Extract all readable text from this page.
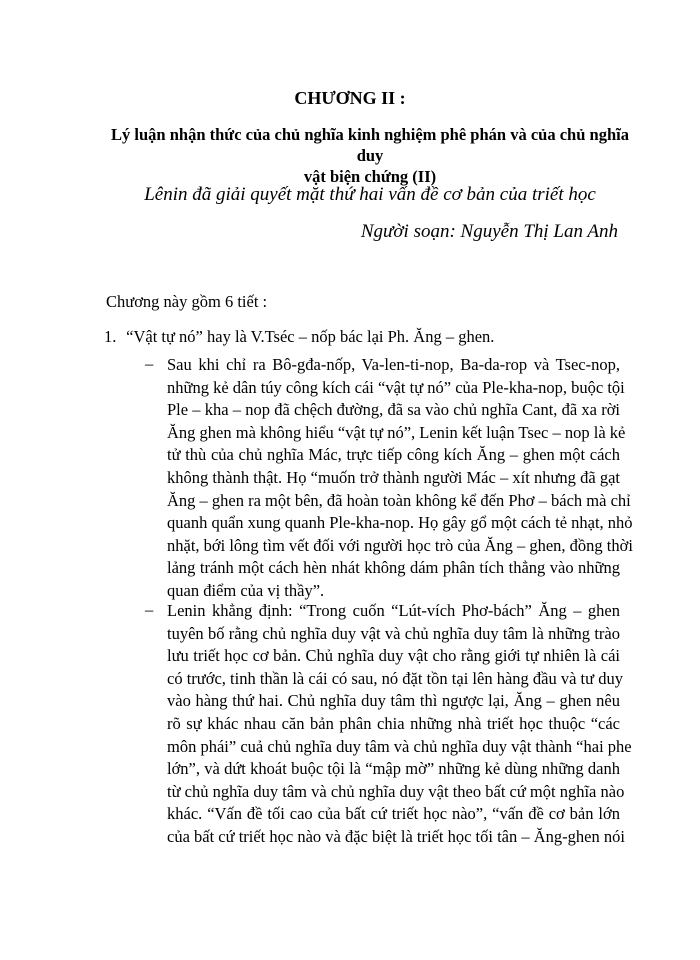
CHƯƠNG II :
Lý luận nhận thức của chủ nghĩa kinh nghiệm phê phán và của chủ nghĩa duy
vật biện chứng (II)
Lênin đã giải quyết mặt thứ hai vấn đề cơ bản của triết học
Người soạn: Nguyễn Thị Lan Anh
Chương này gồm 6 tiết :
1. “Vật tự nó” hay là V.Tséc – nốp bác lại Ph. Ăng – ghen.
– Sau khi chỉ ra Bô-gđa-nốp, Va-len-ti-nop, Ba-da-rop và Tsec-nop,
những kẻ dân túy công kích cái “vật tự nó” của Ple-kha-nop, buộc tội
Ple – kha – nop đã chệch đường, đã sa vào chủ nghĩa Cant, đã xa rời
Ăng ghen mà không hiểu “vật tự nó”, Lenin kết luận Tsec – nop là kẻ
tử thù của chủ nghĩa Mác, trực tiếp công kích Ăng – ghen một cách
không thành thật. Họ “muốn trở thành người Mác – xít nhưng đã gạt
Ăng – ghen ra một bên, đã hoàn toàn không kể đến Phơ – bách mà chỉ
quanh quẩn xung quanh Ple-kha-nop. Họ gây gổ một cách tẻ nhạt, nhỏ
nhặt, bới lông tìm vết đối với người học trò của Ăng – ghen, đồng thời
lảng tránh một cách hèn nhát không dám phân tích thẳng vào những
quan điểm của vị thầy”.
– Lenin khẳng định: “Trong cuốn “Lút-vích Phơ-bách” Ăng – ghen
tuyên bố rằng chủ nghĩa duy vật và chủ nghĩa duy tâm là những trào
lưu triết học cơ bản. Chủ nghĩa duy vật cho rằng giới tự nhiên là cái
có trước, tinh thần là cái có sau, nó đặt tồn tại lên hàng đầu và tư duy
vào hàng thứ hai. Chủ nghĩa duy tâm thì ngược lại, Ăng – ghen nêu
rõ sự khác nhau căn bản phân chia những nhà triết học thuộc “các
môn phái” cuả chủ nghĩa duy tâm và chủ nghĩa duy vật thành “hai phe
lớn”, và dứt khoát buộc tội là “mập mờ” những kẻ dùng những danh
từ chủ nghĩa duy tâm và chủ nghĩa duy vật theo bất cứ một nghĩa nào
khác. “Vấn đề tối cao của bất cứ triết học nào”, “vấn đề cơ bản lớn
của bất cứ triết học nào và đặc biệt là triết học tối tân – Ăng-ghen nói
